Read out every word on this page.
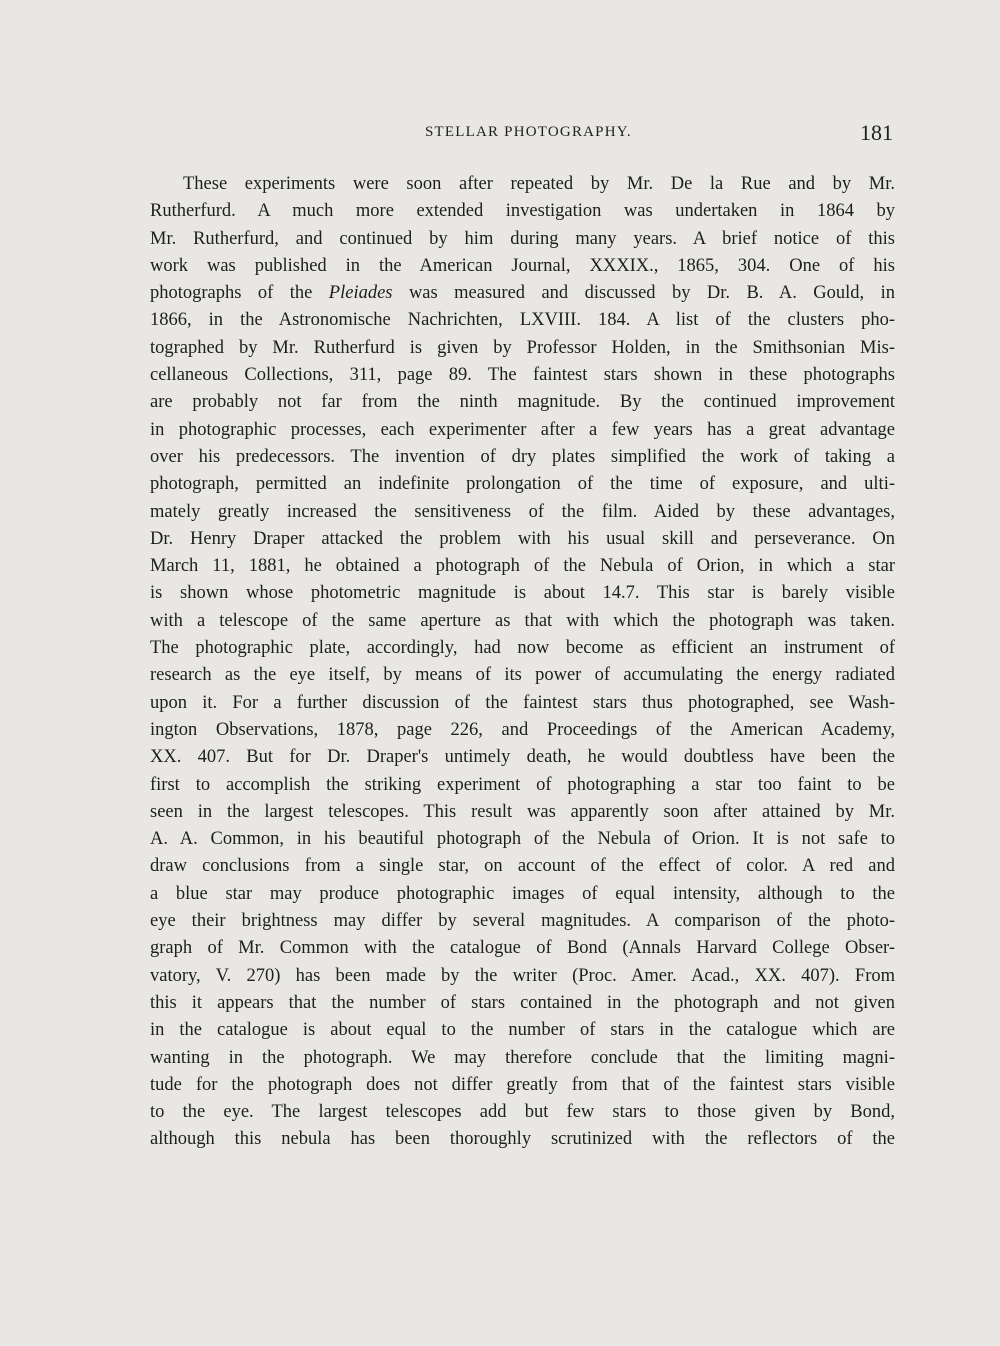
STELLAR PHOTOGRAPHY.	181
These experiments were soon after repeated by Mr. De la Rue and by Mr.
Rutherfurd. A much more extended investigation was undertaken in 1864 by
Mr. Rutherfurd, and continued by him during many years. A brief notice of this
work was published in the American Journal, XXXIX., 1865, 304. One of his
photographs of the Pleiades was measured and discussed by Dr. B. A. Gould, in
1866, in the Astronomische Nachrichten, LXVIII. 184. A list of the clusters pho-
tographed by Mr. Rutherfurd is given by Professor Holden, in the Smithsonian Mis-
cellaneous Collections, 311, page 89. The faintest stars shown in these photographs
are probably not far from the ninth magnitude. By the continued improvement
in photographic processes, each experimenter after a few years has a great advantage
over his predecessors. The invention of dry plates simplified the work of taking a
photograph, permitted an indefinite prolongation of the time of exposure, and ulti-
mately greatly increased the sensitiveness of the film. Aided by these advantages,
Dr. Henry Draper attacked the problem with his usual skill and perseverance. On
March 11, 1881, he obtained a photograph of the Nebula of Orion, in which a star
is shown whose photometric magnitude is about 14.7. This star is barely visible
with a telescope of the same aperture as that with which the photograph was taken.
The photographic plate, accordingly, had now become as efficient an instrument of
research as the eye itself, by means of its power of accumulating the energy radiated
upon it. For a further discussion of the faintest stars thus photographed, see Wash-
ington Observations, 1878, page 226, and Proceedings of the American Academy,
XX. 407. But for Dr. Draper's untimely death, he would doubtless have been the
first to accomplish the striking experiment of photographing a star too faint to be
seen in the largest telescopes. This result was apparently soon after attained by Mr.
A. A. Common, in his beautiful photograph of the Nebula of Orion. It is not safe to
draw conclusions from a single star, on account of the effect of color. A red and
a blue star may produce photographic images of equal intensity, although to the
eye their brightness may differ by several magnitudes. A comparison of the photo-
graph of Mr. Common with the catalogue of Bond (Annals Harvard College Obser-
vatory, V. 270) has been made by the writer (Proc. Amer. Acad., XX. 407). From
this it appears that the number of stars contained in the photograph and not given
in the catalogue is about equal to the number of stars in the catalogue which are
wanting in the photograph. We may therefore conclude that the limiting magni-
tude for the photograph does not differ greatly from that of the faintest stars visible
to the eye. The largest telescopes add but few stars to those given by Bond,
although this nebula has been thoroughly scrutinized with the reflectors of the
